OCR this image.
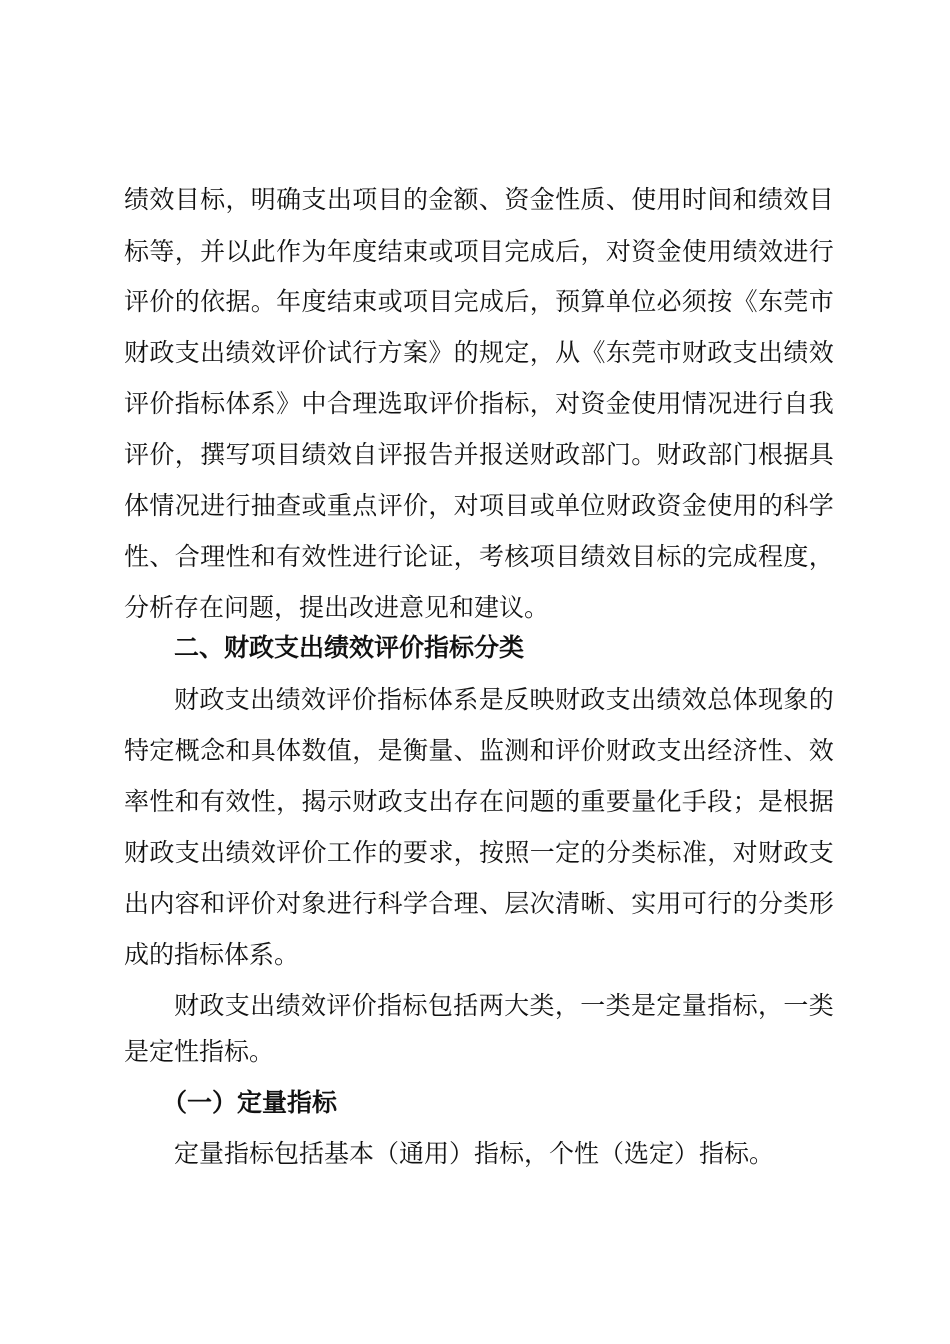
绩 效 目 标 ， 明 确 支 出 项 目 的 金 额 、 资 金 性 质 、 使 用 时 间 和 绩 效 目
标 等 ， 并 以 此 作 为 年 度 结 束 或 项 目 完 成 后 ， 对 资 金 使 用 绩 效 进 行
评 价 的 依 据 。 年 度 结 束 或 项 目 完 成 后 ， 预 算 单 位 必 须 按 《 东 莞 市
财 政 支 出 绩 效 评 价 试 行 方 案 》 的 规 定 ， 从 《 东 莞 市 财 政 支 出 绩 效
评 价 指 标 体 系 》 中 合 理 选 取 评 价 指 标 ， 对 资 金 使 用 情 况 进 行 自 我
评 价 ， 撰 写 项 目 绩 效 自 评 报 告 并 报 送 财 政 部 门 。 财 政 部 门 根 据 具
体 情 况 进 行 抽 查 或 重 点 评 价 ， 对 项 目 或 单 位 财 政 资 金 使 用 的 科 学
性 、 合 理 性 和 有 效 性 进 行 论 证 ， 考 核 项 目 绩 效 目 标 的 完 成 程 度 ，
分析存在问题，提出改进意见和建议。
二、财政支出绩效评价指标分类
财 政 支 出 绩 效 评 价 指 标 体 系 是 反 映 财 政 支 出 绩 效 总 体 现 象 的
特 定 概 念 和 具 体 数 值 ， 是 衡 量 、 监 测 和 评 价 财 政 支 出 经 济 性 、 效
率 性 和 有 效 性 ， 揭 示 财 政 支 出 存 在 问 题 的 重 要 量 化 手 段 ； 是 根 据
财 政 支 出 绩 效 评 价 工 作 的 要 求 ， 按 照 一 定 的 分 类 标 准 ， 对 财 政 支
出 内 容 和 评 价 对 象 进 行 科 学 合 理 、 层 次 清 晰 、 实 用 可 行 的 分 类 形
成的指标体系。
财 政 支 出 绩 效 评 价 指 标 包 括 两 大 类 ， 一 类 是 定 量 指 标 ， 一 类
是定性指标。
（一）定量指标
定量指标包括基本（通用）指标，个性（选定）指标。
